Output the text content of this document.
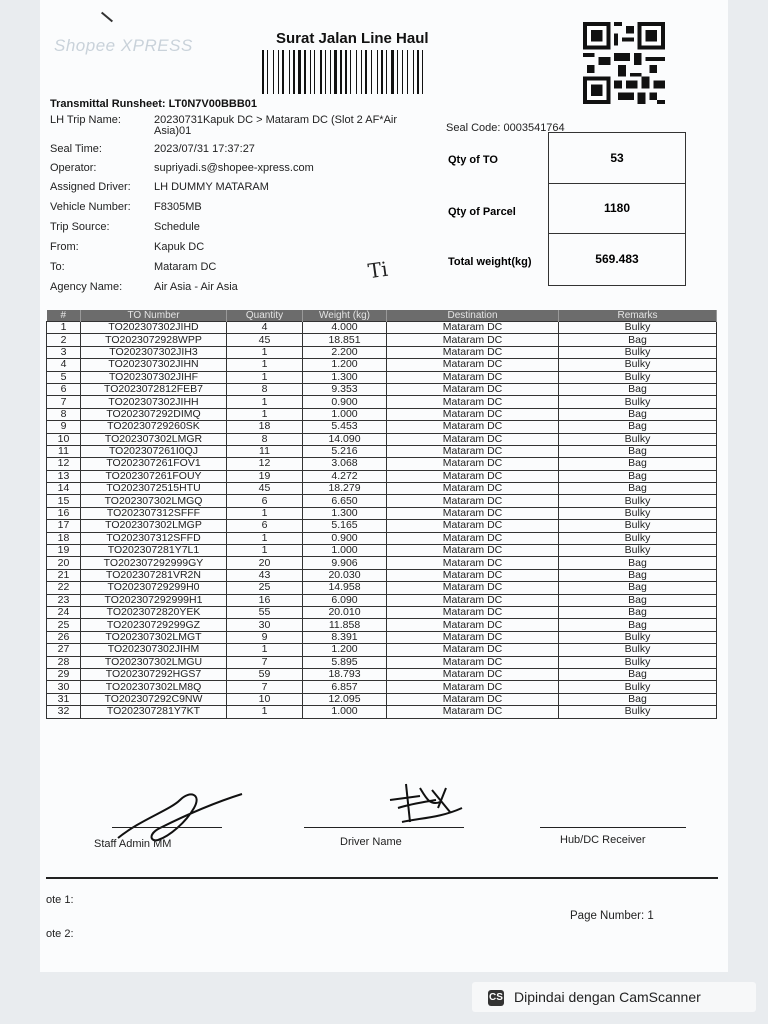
Shopee XPRESS	Surat Jalan Line Haul
Transmittal Runsheet: LT0N7V00BBB01
LH Trip Name:	20230731Kapuk DC > Mataram DC (Slot 2 AF*Air
Asia)01
Seal Time:	2023/07/31 17:37:27
Operator:	supriyadi.s@shopee-xpress.com
Assigned Driver:	LH DUMMY MATARAM
Vehicle Number:	F8305MB
Trip Source:	Schedule
From:	Kapuk DC
To:	Mataram DC
Agency Name:	Air Asia - Air Asia
Seal Code: 0003541764
Qty of TO	53
Qty of Parcel	1180
Total weight(kg)	569.483
Ti
#	TO Number	Quantity	Weight (kg)	Destination	Remarks
1	TO202307302JIHD	4	4.000	Mataram DC	Bulky
2	TO2023072928WPP	45	18.851	Mataram DC	Bag
3	TO202307302JIH3	1	2.200	Mataram DC	Bulky
4	TO202307302JIHN	1	1.200	Mataram DC	Bulky
5	TO202307302JIHF	1	1.300	Mataram DC	Bulky
6	TO2023072812FEB7	8	9.353	Mataram DC	Bag
7	TO202307302JIHH	1	0.900	Mataram DC	Bulky
8	TO202307292DIMQ	1	1.000	Mataram DC	Bag
9	TO20230729260SK	18	5.453	Mataram DC	Bag
10	TO202307302LMGR	8	14.090	Mataram DC	Bulky
11	TO202307261I0QJ	11	5.216	Mataram DC	Bag
12	TO202307261FOV1	12	3.068	Mataram DC	Bag
13	TO202307261FOUY	19	4.272	Mataram DC	Bag
14	TO2023072515HTU	45	18.279	Mataram DC	Bag
15	TO202307302LMGQ	6	6.650	Mataram DC	Bulky
16	TO202307312SFFF	1	1.300	Mataram DC	Bulky
17	TO202307302LMGP	6	5.165	Mataram DC	Bulky
18	TO202307312SFFD	1	0.900	Mataram DC	Bulky
19	TO202307281Y7L1	1	1.000	Mataram DC	Bulky
20	TO202307292999GY	20	9.906	Mataram DC	Bag
21	TO202307281VR2N	43	20.030	Mataram DC	Bag
22	TO20230729299H0	25	14.958	Mataram DC	Bag
23	TO202307292999H1	16	6.090	Mataram DC	Bag
24	TO2023072820YEK	55	20.010	Mataram DC	Bag
25	TO20230729299GZ	30	11.858	Mataram DC	Bag
26	TO202307302LMGT	9	8.391	Mataram DC	Bulky
27	TO202307302JIHM	1	1.200	Mataram DC	Bulky
28	TO202307302LMGU	7	5.895	Mataram DC	Bulky
29	TO202307292HGS7	59	18.793	Mataram DC	Bag
30	TO202307302LM8Q	7	6.857	Mataram DC	Bulky
31	TO202307292C9NW	10	12.095	Mataram DC	Bag
32	TO202307281Y7KT	1	1.000	Mataram DC	Bulky
Staff Admin MM	Driver Name	Hub/DC Receiver
ote 1:
ote 2:
Page Number: 1
CS Dipindai dengan CamScanner
